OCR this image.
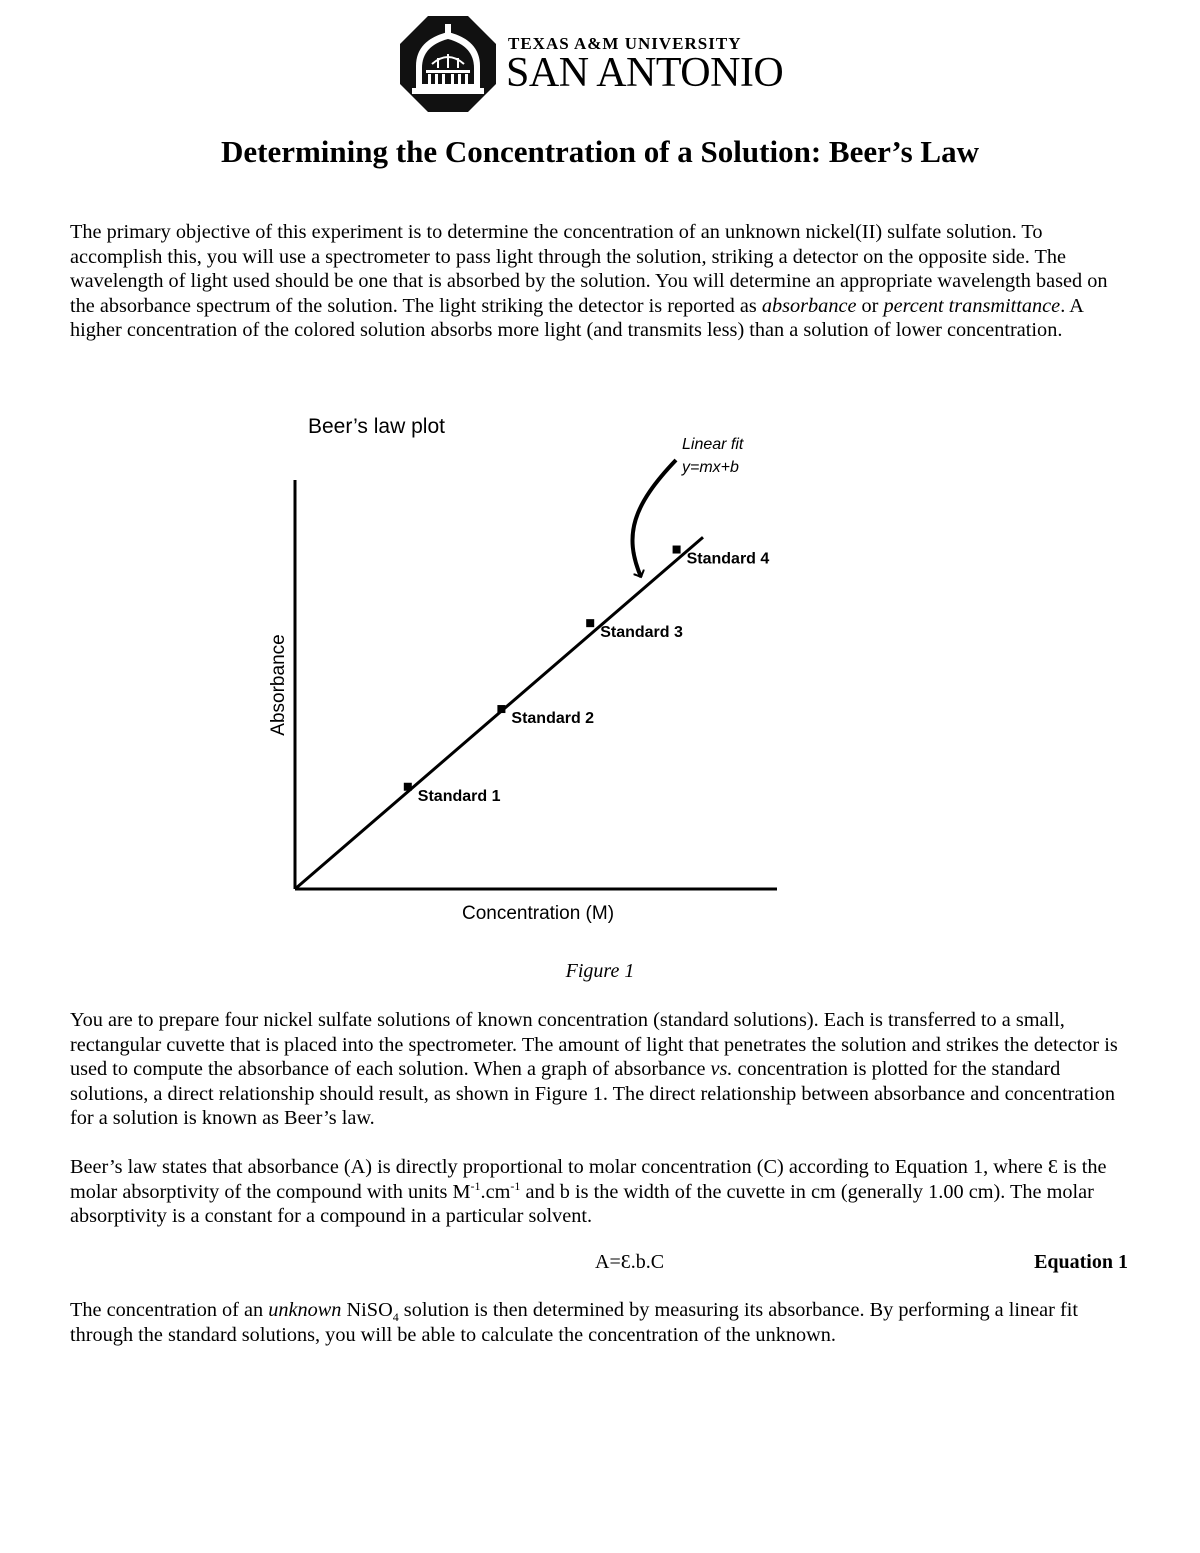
TEXAS A&M UNIVERSITY
SAN ANTONIO
Determining the Concentration of a Solution: Beer’s Law

The primary objective of this experiment is to determine the concentration of an unknown nickel(II) sulfate solution. To accomplish this, you will use a spectrometer to pass light through the solution, striking a detector on the opposite side. The wavelength of light used should be one that is absorbed by the solution. You will determine an appropriate wavelength based on the absorbance spectrum of the solution. The light striking the detector is reported as absorbance or percent transmittance. A higher concentration of the colored solution absorbs more light (and transmits less) than a solution of lower concentration.

Beer’s law plot
Absorbance
Concentration (M)
Linear fit
y=mx+b
Standard 1
Standard 2
Standard 3
Standard 4
Figure 1

You are to prepare four nickel sulfate solutions of known concentration (standard solutions). Each is transferred to a small, rectangular cuvette that is placed into the spectrometer. The amount of light that penetrates the solution and strikes the detector is used to compute the absorbance of each solution. When a graph of absorbance vs. concentration is plotted for the standard solutions, a direct relationship should result, as shown in Figure 1. The direct relationship between absorbance and concentration for a solution is known as Beer’s law.

Beer’s law states that absorbance (A) is directly proportional to molar concentration (C) according to Equation 1, where Ɛ is the molar absorptivity of the compound with units $M^{-1}.cm^{-1}$ and b is the width of the cuvette in cm (generally 1.00 cm). The molar absorptivity is a constant for a compound in a particular solvent.

A=Ɛ.b.C	Equation 1

The concentration of an unknown NiSO$_4$ solution is then determined by measuring its absorbance. By performing a linear fit through the standard solutions, you will be able to calculate the concentration of the unknown.
